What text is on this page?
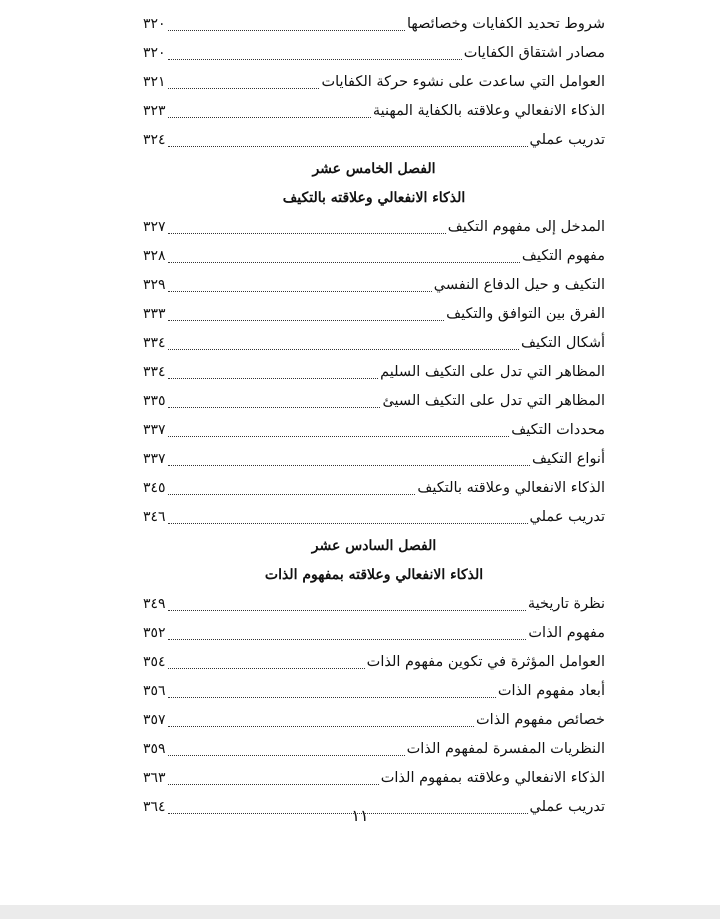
شروط تحديد الكفايات وخصائصها
٣٢٠
مصادر اشتقاق الكفايات
٣٢٠
العوامل التي ساعدت على نشوء حركة الكفايات
٣٢١
الذكاء الانفعالي وعلاقته بالكفاية المهنية
٣٢٣
تدريب عملي
٣٢٤
الفصل الخامس عشر
الذكاء الانفعالي وعلاقته بالتكيف
المدخل إلى مفهوم التكيف
٣٢٧
مفهوم التكيف
٣٢٨
التكيف و حيل الدفاع النفسي
٣٢٩
الفرق بين التوافق والتكيف
٣٣٣
أشكال التكيف
٣٣٤
المظاهر التي تدل على التكيف السليم
٣٣٤
المظاهر التي تدل على التكيف السيئ
٣٣٥
محددات التكيف
٣٣٧
أنواع التكيف
٣٣٧
الذكاء الانفعالي وعلاقته بالتكيف
٣٤٥
تدريب عملي
٣٤٦
الفصل السادس عشر
الذكاء الانفعالي وعلاقته بمفهوم الذات
نظرة تاريخية
٣٤٩
مفهوم الذات
٣٥٢
العوامل المؤثرة في تكوين مفهوم الذات
٣٥٤
أبعاد مفهوم الذات
٣٥٦
خصائص مفهوم الذات
٣٥٧
النظريات المفسرة لمفهوم الذات
٣٥٩
الذكاء الانفعالي وعلاقته بمفهوم الذات
٣٦٣
تدريب عملي
٣٦٤	١١
